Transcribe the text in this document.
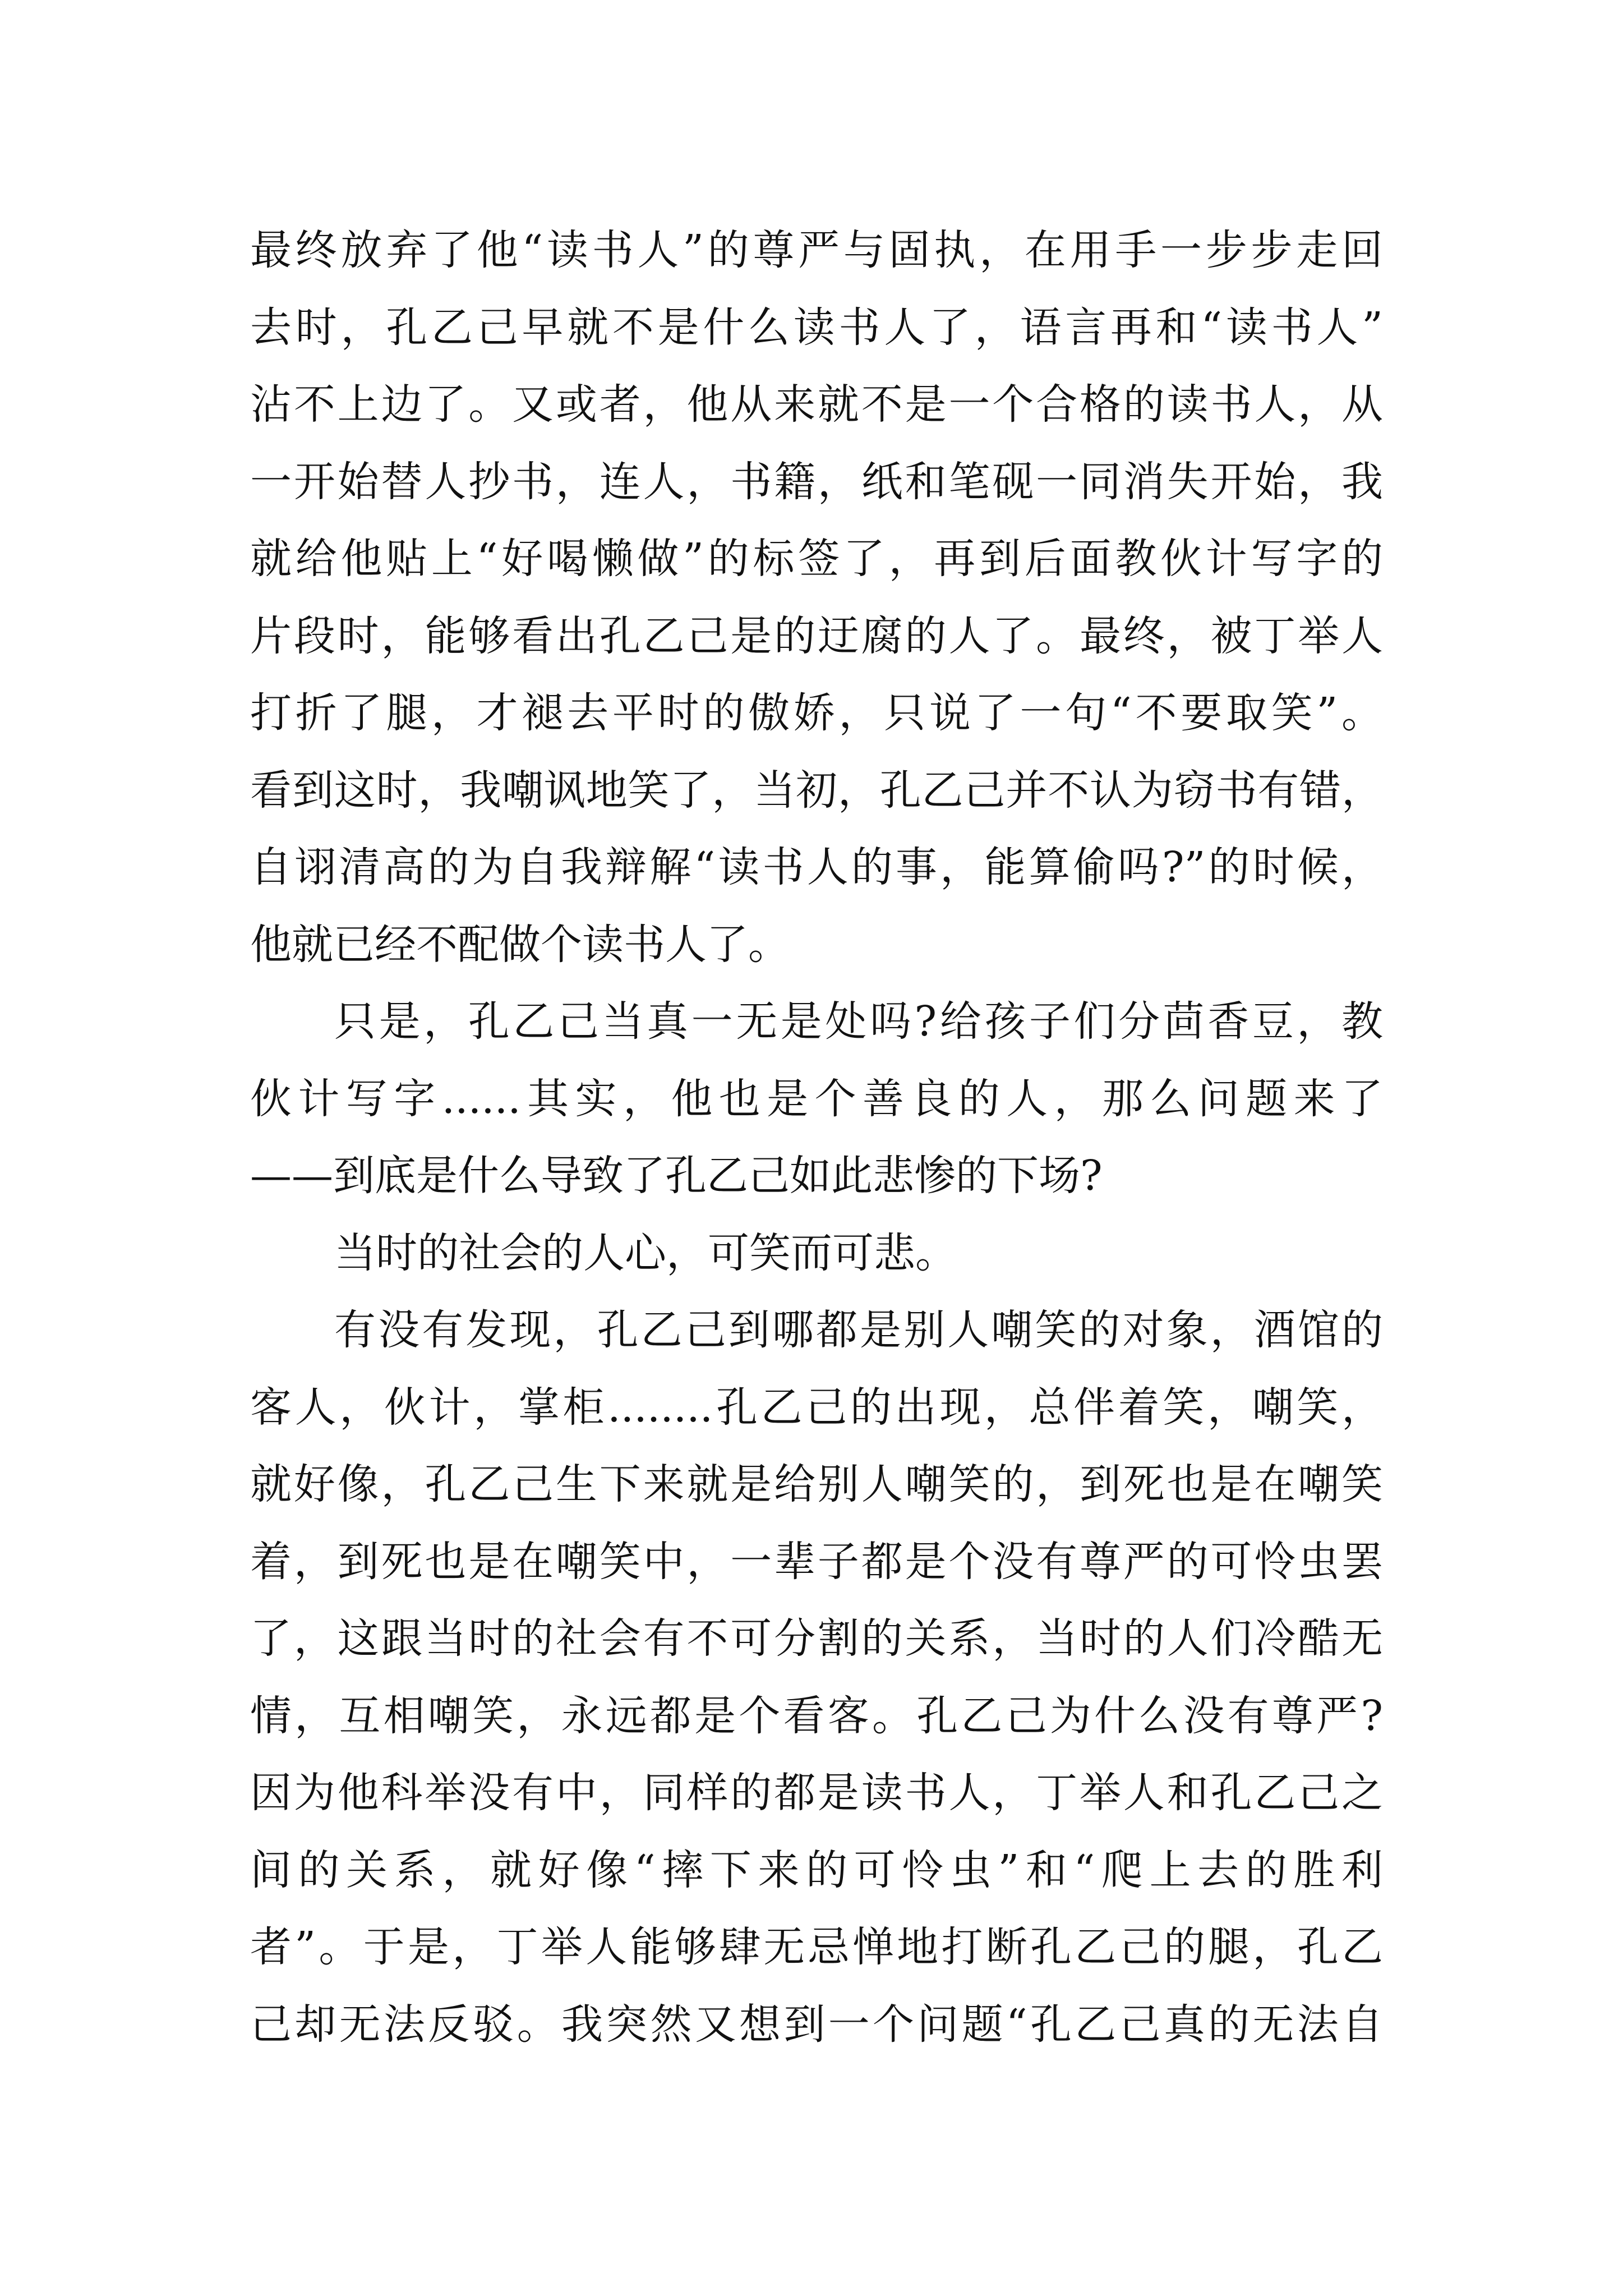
最终放弃了他“读书人”的尊严与固执，在用手一步步走回
去时，孔乙己早就不是什么读书人了，语言再和“读书人”
沾不上边了。又或者，他从来就不是一个合格的读书人，从
一开始替人抄书，连人，书籍，纸和笔砚一同消失开始，我
就给他贴上“好喝懒做”的标签了，再到后面教伙计写字的
片段时，能够看出孔乙己是的迂腐的人了。最终，被丁举人
打折了腿，才褪去平时的傲娇，只说了一句“不要取笑”。
看到这时，我嘲讽地笑了，当初，孔乙己并不认为窃书有错，
自诩清高的为自我辩解“读书人的事，能算偷吗?”的时候，
他就已经不配做个读书人了。
只是，孔乙己当真一无是处吗?给孩子们分茴香豆，教
伙计写字......其实，他也是个善良的人，那么问题来了
——到底是什么导致了孔乙己如此悲惨的下场?
当时的社会的人心，可笑而可悲。
有没有发现，孔乙己到哪都是别人嘲笑的对象，酒馆的
客人，伙计，掌柜........孔乙己的出现，总伴着笑，嘲笑，
就好像，孔乙己生下来就是给别人嘲笑的，到死也是在嘲笑
着，到死也是在嘲笑中，一辈子都是个没有尊严的可怜虫罢
了，这跟当时的社会有不可分割的关系，当时的人们冷酷无
情，互相嘲笑，永远都是个看客。孔乙己为什么没有尊严?
因为他科举没有中，同样的都是读书人，丁举人和孔乙己之
间的关系，就好像“摔下来的可怜虫”和“爬上去的胜利
者”。于是，丁举人能够肆无忌惮地打断孔乙己的腿，孔乙
己却无法反驳。我突然又想到一个问题“孔乙己真的无法自
